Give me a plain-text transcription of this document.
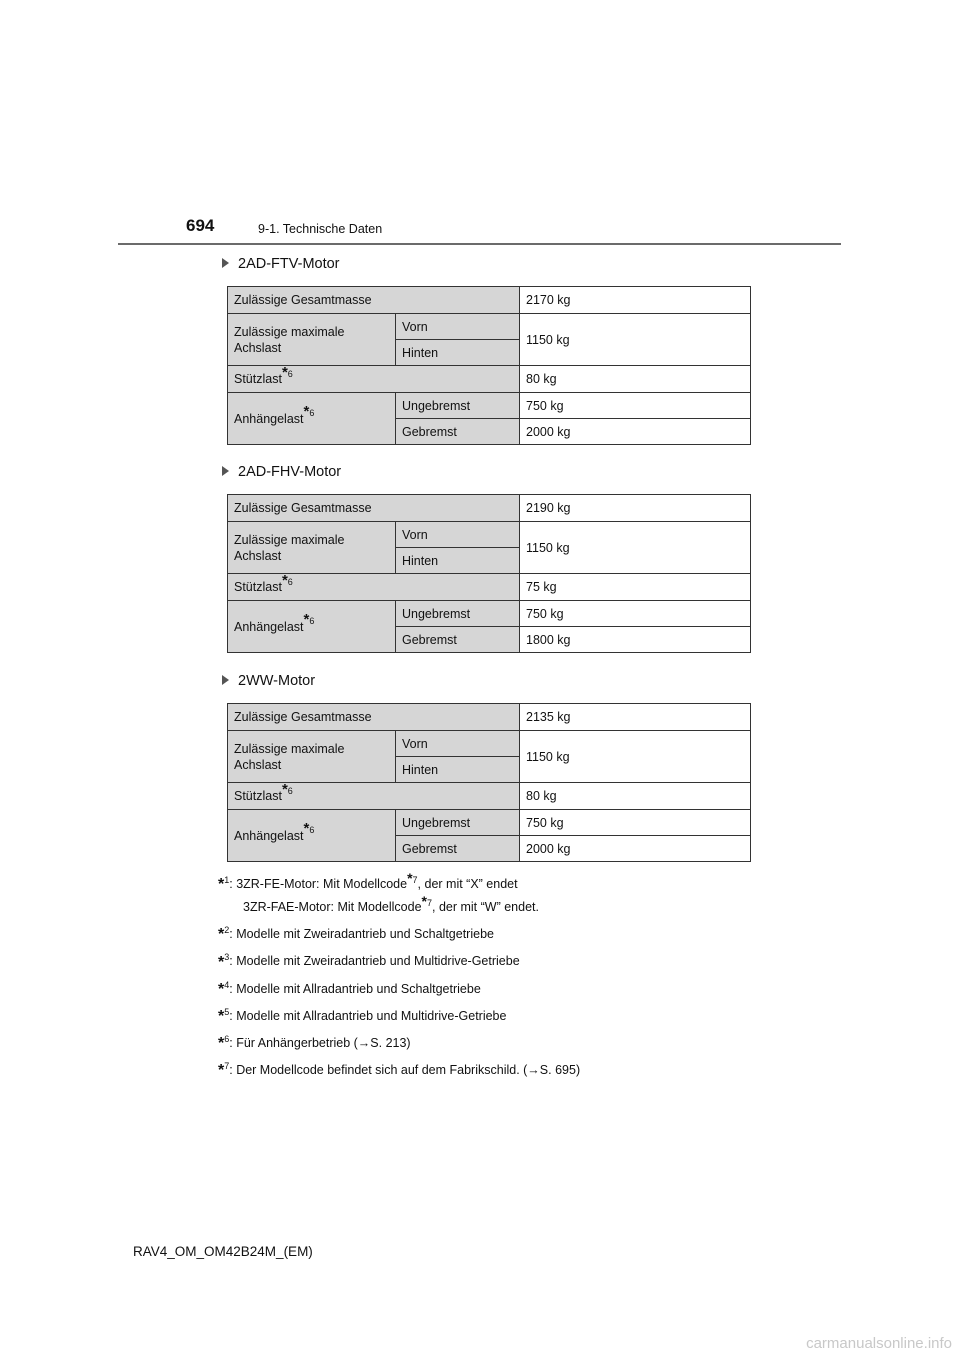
694	9-1. Technische Daten
2AD-FTV-Motor
Zulässige Gesamtmasse		2170 kg
Zulässige maximale Achslast	Vorn	1150 kg
	Hinten	
Stützlast$^{*6}$		80 kg
Anhängelast$^{*6}$	Ungebremst	750 kg
	Gebremst	2000 kg
2AD-FHV-Motor
Zulässige Gesamtmasse		2190 kg
Zulässige maximale Achslast	Vorn	1150 kg
	Hinten	
Stützlast$^{*6}$		75 kg
Anhängelast$^{*6}$	Ungebremst	750 kg
	Gebremst	1800 kg
2WW-Motor
Zulässige Gesamtmasse		2135 kg
Zulässige maximale Achslast	Vorn	1150 kg
	Hinten	
Stützlast$^{*6}$		80 kg
Anhängelast$^{*6}$	Ungebremst	750 kg
	Gebremst	2000 kg
*$^1$: 3ZR-FE-Motor: Mit Modellcode$^{*7}$, der mit “X” endet
3ZR-FAE-Motor: Mit Modellcode$^{*7}$, der mit “W” endet.
*$^2$: Modelle mit Zweiradantrieb und Schaltgetriebe
*$^3$: Modelle mit Zweiradantrieb und Multidrive-Getriebe
*$^4$: Modelle mit Allradantrieb und Schaltgetriebe
*$^5$: Modelle mit Allradantrieb und Multidrive-Getriebe
*$^6$: Für Anhängerbetrieb (→S. 213)
*$^7$: Der Modellcode befindet sich auf dem Fabrikschild. (→S. 695)
RAV4_OM_OM42B24M_(EM)
carmanualsonline.info
